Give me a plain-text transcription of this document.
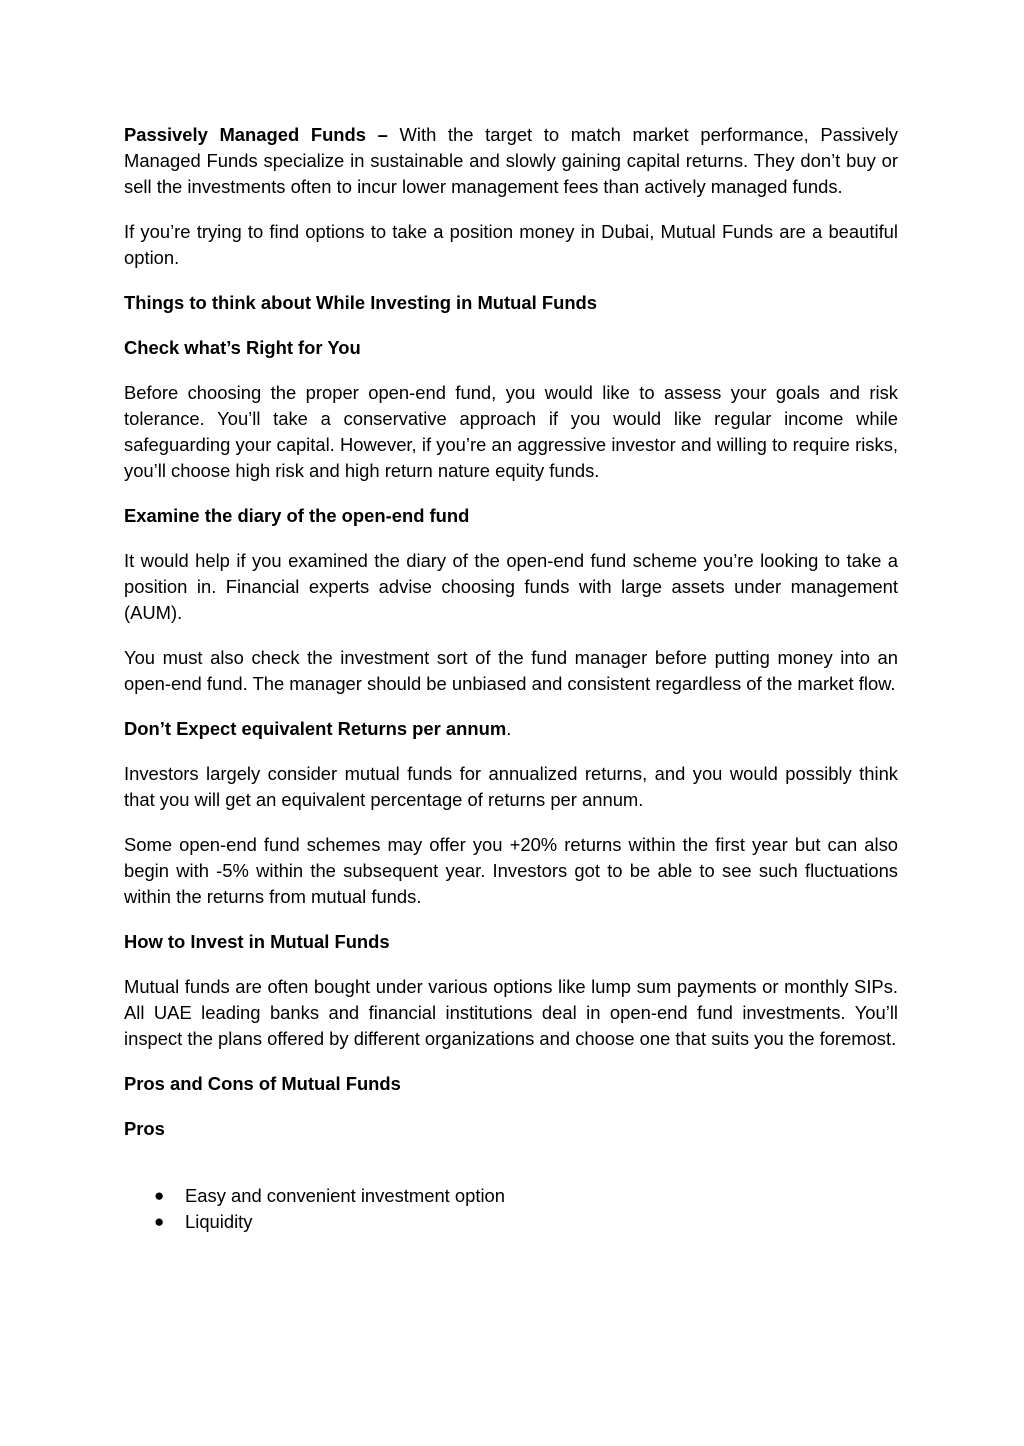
Passively Managed Funds – With the target to match market performance, Passively Managed Funds specialize in sustainable and slowly gaining capital returns. They don’t buy or sell the investments often to incur lower management fees than actively managed funds.

If you’re trying to find options to take a position money in Dubai, Mutual Funds are a beautiful option.

Things to think about While Investing in Mutual Funds

Check what’s Right for You

Before choosing the proper open-end fund, you would like to assess your goals and risk tolerance. You’ll take a conservative approach if you would like regular income while safeguarding your capital. However, if you’re an aggressive investor and willing to require risks, you’ll choose high risk and high return nature equity funds.

Examine the diary of the open-end fund

It would help if you examined the diary of the open-end fund scheme you’re looking to take a position in. Financial experts advise choosing funds with large assets under management (AUM).

You must also check the investment sort of the fund manager before putting money into an open-end fund. The manager should be unbiased and consistent regardless of the market flow.

Don’t Expect equivalent Returns per annum.

Investors largely consider mutual funds for annualized returns, and you would possibly think that you will get an equivalent percentage of returns per annum.

Some open-end fund schemes may offer you +20% returns within the first year but can also begin with -5% within the subsequent year. Investors got to be able to see such fluctuations within the returns from mutual funds.

How to Invest in Mutual Funds

Mutual funds are often bought under various options like lump sum payments or monthly SIPs. All UAE leading banks and financial institutions deal in open-end fund investments. You’ll inspect the plans offered by different organizations and choose one that suits you the foremost.

Pros and Cons of Mutual Funds

Pros

● Easy and convenient investment option
● Liquidity
